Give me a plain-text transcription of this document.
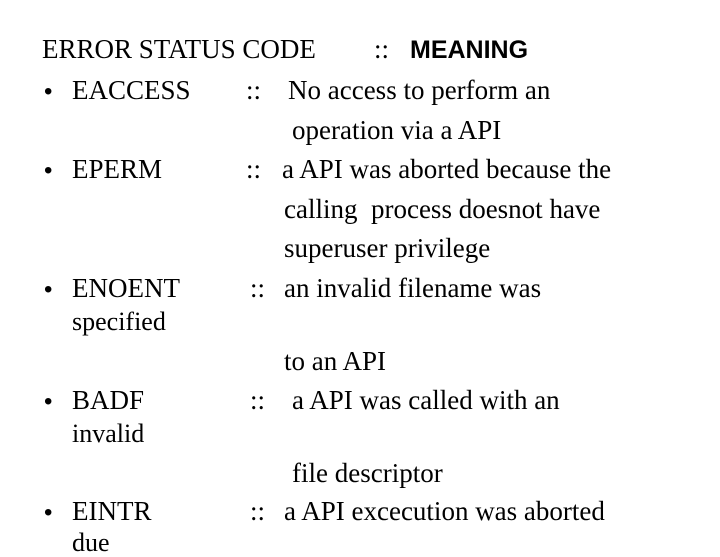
ERROR STATUS CODE :: MEANING
• EACCESS :: No access to perform an
operation via a API
• EPERM	:: a API was aborted because the
calling  process doesnot have
superuser privilege
• ENOENT	:: an invalid filename was
specified
to an API
• BADF	:: a API was called with an
invalid
file descriptor
• EINTR	:: a API excecution was aborted
due
